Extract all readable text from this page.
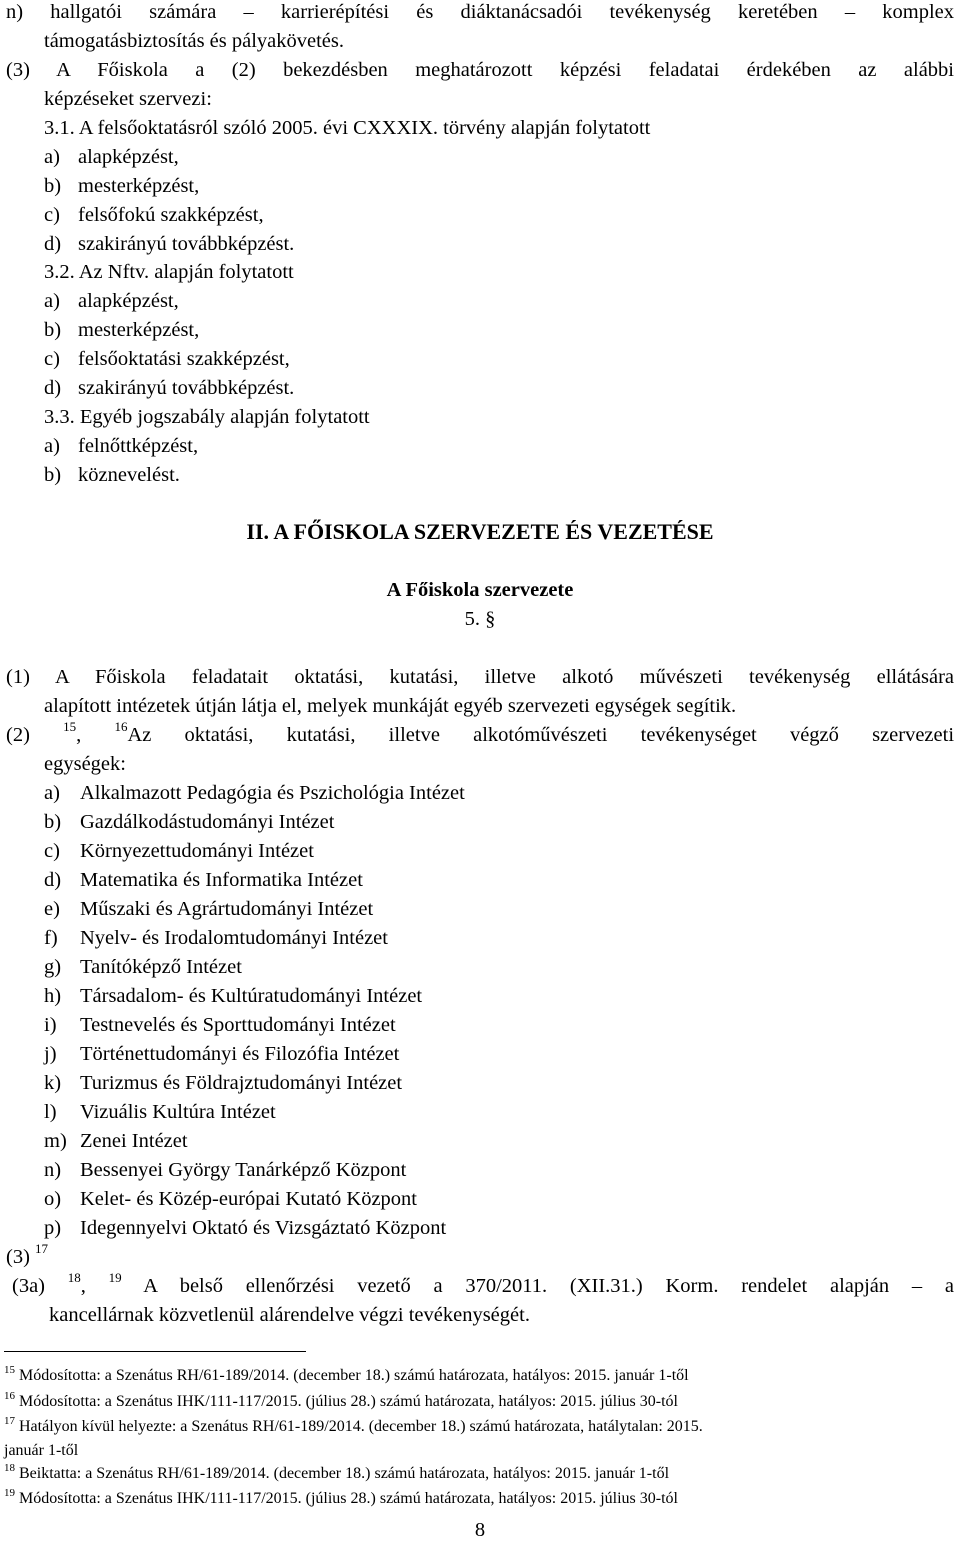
n) hallgatói számára – karrierépítési és diáktanácsadói tevékenység keretében – komplex
támogatásbiztosítás és pályakövetés.
(3) A Főiskola a (2) bekezdésben meghatározott képzési feladatai érdekében az alábbi
képzéseket szervezi:
3.1. A felsőoktatásról szóló 2005. évi CXXXIX. törvény alapján folytatott
a) alapképzést,
b) mesterképzést,
c) felsőfokú szakképzést,
d) szakirányú továbbképzést.
3.2. Az Nftv. alapján folytatott
a) alapképzést,
b) mesterképzést,
c) felsőoktatási szakképzést,
d) szakirányú továbbképzést.
3.3. Egyéb jogszabály alapján folytatott
a) felnőttképzést,
b) köznevelést.
II. A FŐISKOLA SZERVEZETE ÉS VEZETÉSE
A Főiskola szervezete
5. §
(1) A Főiskola feladatait oktatási, kutatási, illetve alkotó művészeti tevékenység ellátására
alapított intézetek útján látja el, melyek munkáját egyéb szervezeti egységek segítik.
(2)	$^{15}$,	$^{16}$Az oktatási, kutatási, illetve alkotóművészeti tevékenységet végző szervezeti
egységek:
a) Alkalmazott Pedagógia és Pszichológia Intézet
b) Gazdálkodástudományi Intézet
c) Környezettudományi Intézet
d) Matematika és Informatika Intézet
e) Műszaki és Agrártudományi Intézet
f) Nyelv- és Irodalomtudományi Intézet
g) Tanítóképző Intézet
h) Társadalom- és Kultúratudományi Intézet
i) Testnevelés és Sporttudományi Intézet
j) Történettudományi és Filozófia Intézet
k) Turizmus és Földrajztudományi Intézet
l) Vizuális Kultúra Intézet
m) Zenei Intézet
n) Bessenyei György Tanárképző Központ
o) Kelet- és Közép-európai Kutató Központ
p) Idegennyelvi Oktató és Vizsgáztató Központ
(3) $^{17}$
(3a) $^{18}$, $^{19}$ A belső ellenőrzési vezető a 370/2011. (XII.31.) Korm. rendelet alapján – a
kancellárnak közvetlenül alárendelve végzi tevékenységét.
$^{15}$ Módosította: a Szenátus RH/61-189/2014. (december 18.) számú határozata, hatályos: 2015. január 1-től
$^{16}$ Módosította: a Szenátus IHK/111-117/2015. (július 28.) számú határozata, hatályos: 2015. július 30-tól
$^{17}$ Hatályon kívül helyezte: a Szenátus RH/61-189/2014. (december 18.) számú határozata, hatálytalan: 2015.
január 1-től
$^{18}$ Beiktatta: a Szenátus RH/61-189/2014. (december 18.) számú határozata, hatályos: 2015. január 1-től
$^{19}$ Módosította: a Szenátus IHK/111-117/2015. (július 28.) számú határozata, hatályos: 2015. július 30-tól
8
